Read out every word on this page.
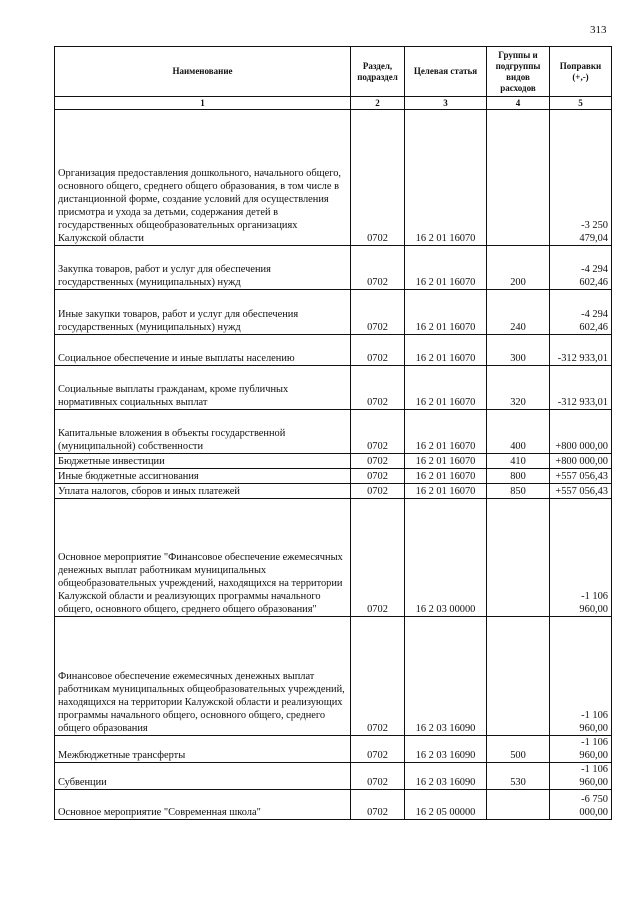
313
Наименование	Раздел, подраздел	Целевая статья	Группы и подгруппы видов расходов	Поправки (+,-)
1	2	3	4	5
Организация предоставления дошкольного, начального общего, основного общего, среднего общего образования, в том числе в дистанционной форме, создание условий для осуществления присмотра и ухода за детьми, содержания детей в государственных общеобразовательных организациях Калужской области	0702	16 2 01 16070		-3 250 479,04
Закупка товаров, работ и услуг для обеспечения государственных (муниципальных) нужд	0702	16 2 01 16070	200	-4 294 602,46
Иные закупки товаров, работ и услуг для обеспечения государственных (муниципальных) нужд	0702	16 2 01 16070	240	-4 294 602,46
Социальное обеспечение и иные выплаты населению	0702	16 2 01 16070	300	-312 933,01
Социальные выплаты гражданам, кроме публичных нормативных социальных выплат	0702	16 2 01 16070	320	-312 933,01
Капитальные вложения в объекты государственной (муниципальной) собственности	0702	16 2 01 16070	400	+800 000,00
Бюджетные инвестиции	0702	16 2 01 16070	410	+800 000,00
Иные бюджетные ассигнования	0702	16 2 01 16070	800	+557 056,43
Уплата налогов, сборов и иных платежей	0702	16 2 01 16070	850	+557 056,43
Основное мероприятие "Финансовое обеспечение ежемесячных денежных выплат работникам муниципальных общеобразовательных учреждений, находящихся на территории Калужской области и реализующих программы начального общего, основного общего, среднего общего образования"	0702	16 2 03 00000		-1 106 960,00
Финансовое обеспечение ежемесячных денежных выплат работникам муниципальных общеобразовательных учреждений, находящихся на территории Калужской области и реализующих программы начального общего, основного общего, среднего общего образования	0702	16 2 03 16090		-1 106 960,00
Межбюджетные трансферты	0702	16 2 03 16090	500	-1 106 960,00
Субвенции	0702	16 2 03 16090	530	-1 106 960,00
Основное мероприятие "Современная школа"	0702	16 2 05 00000		-6 750 000,00
